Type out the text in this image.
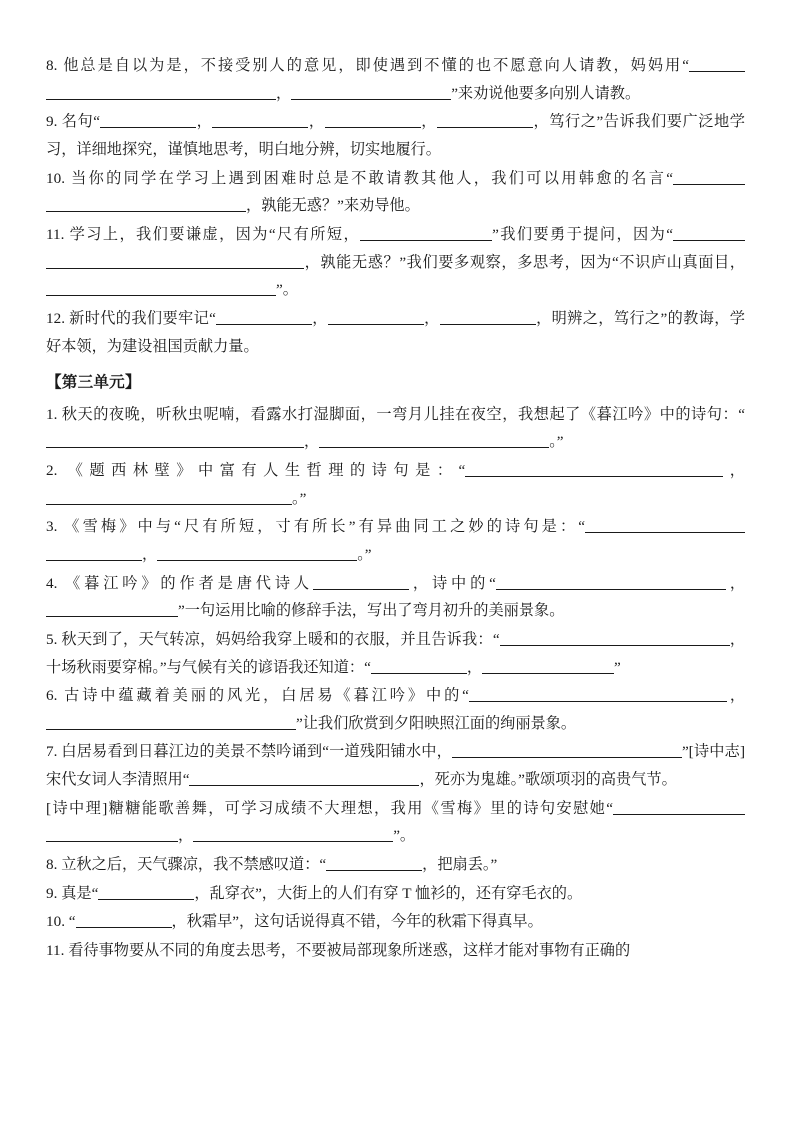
8. 他总是自以为是，不接受别人的意见，即使遇到不懂的也不愿意向人请教，妈妈用“，	”来劝说他要多向别人请教。
9. 名句“	，	，	，	，笃行之”告诉我们要广泛地学习，详细地探究，谨慎地思考，明白地分辨，切实地履行。
10. 当你的同学在学习上遇到困难时总是不敢请教其他人，我们可以用韩愈的名言“，孰能无惑？”来劝导他。
11. 学习上，我们要谦虚，因为“尺有所短，	”我们要勇于提问，因为“，孰能无惑？”我们要多观察，多思考，因为“不识庐山真面目，”。
12. 新时代的我们要牢记“	，	，	，明辨之，笃行之”的教诲，学好本领，为建设祖国贡献力量。
【第三单元】
1. 秋天的夜晚，听秋虫呢喃，看露水打湿脚面，一弯月儿挂在夜空，我想起了《暮江吟》中的诗句：“，	。”
2. 《题西林壁》中富有人生哲理的诗句是：“	，。”
3. 《雪梅》中与“尺有所短，寸有所长”有异曲同工之妙的诗句是：“，	。”
4. 《暮江吟》的作者是唐代诗人	，诗中的“	，”一句运用比喻的修辞手法，写出了弯月初升的美丽景象。
5. 秋天到了，天气转凉，妈妈给我穿上暖和的衣服，并且告诉我：“	，十场秋雨要穿棉。”与气候有关的谚语我还知道：“	，	”
6. 古诗中蕴藏着美丽的风光，白居易《暮江吟》中的“	，”让我们欣赏到夕阳映照江面的绚丽景象。
7. 白居易看到日暮江边的美景不禁吟诵到“一道残阳铺水中，	”[诗中志]宋代女词人李清照用“	，死亦为鬼雄。”歌颂项羽的高贵气节。
[诗中理]糖糖能歌善舞，可学习成绩不大理想，我用《雪梅》里的诗句安慰她“，	”。
8. 立秋之后，天气骤凉，我不禁感叹道：“	，把扇丢。”
9. 真是“	，乱穿衣”，大街上的人们有穿 T 恤衫的，还有穿毛衣的。
10. “	，秋霜早”，这句话说得真不错，今年的秋霜下得真早。
11. 看待事物要从不同的角度去思考，不要被局部现象所迷惑，这样才能对事物有正确的
